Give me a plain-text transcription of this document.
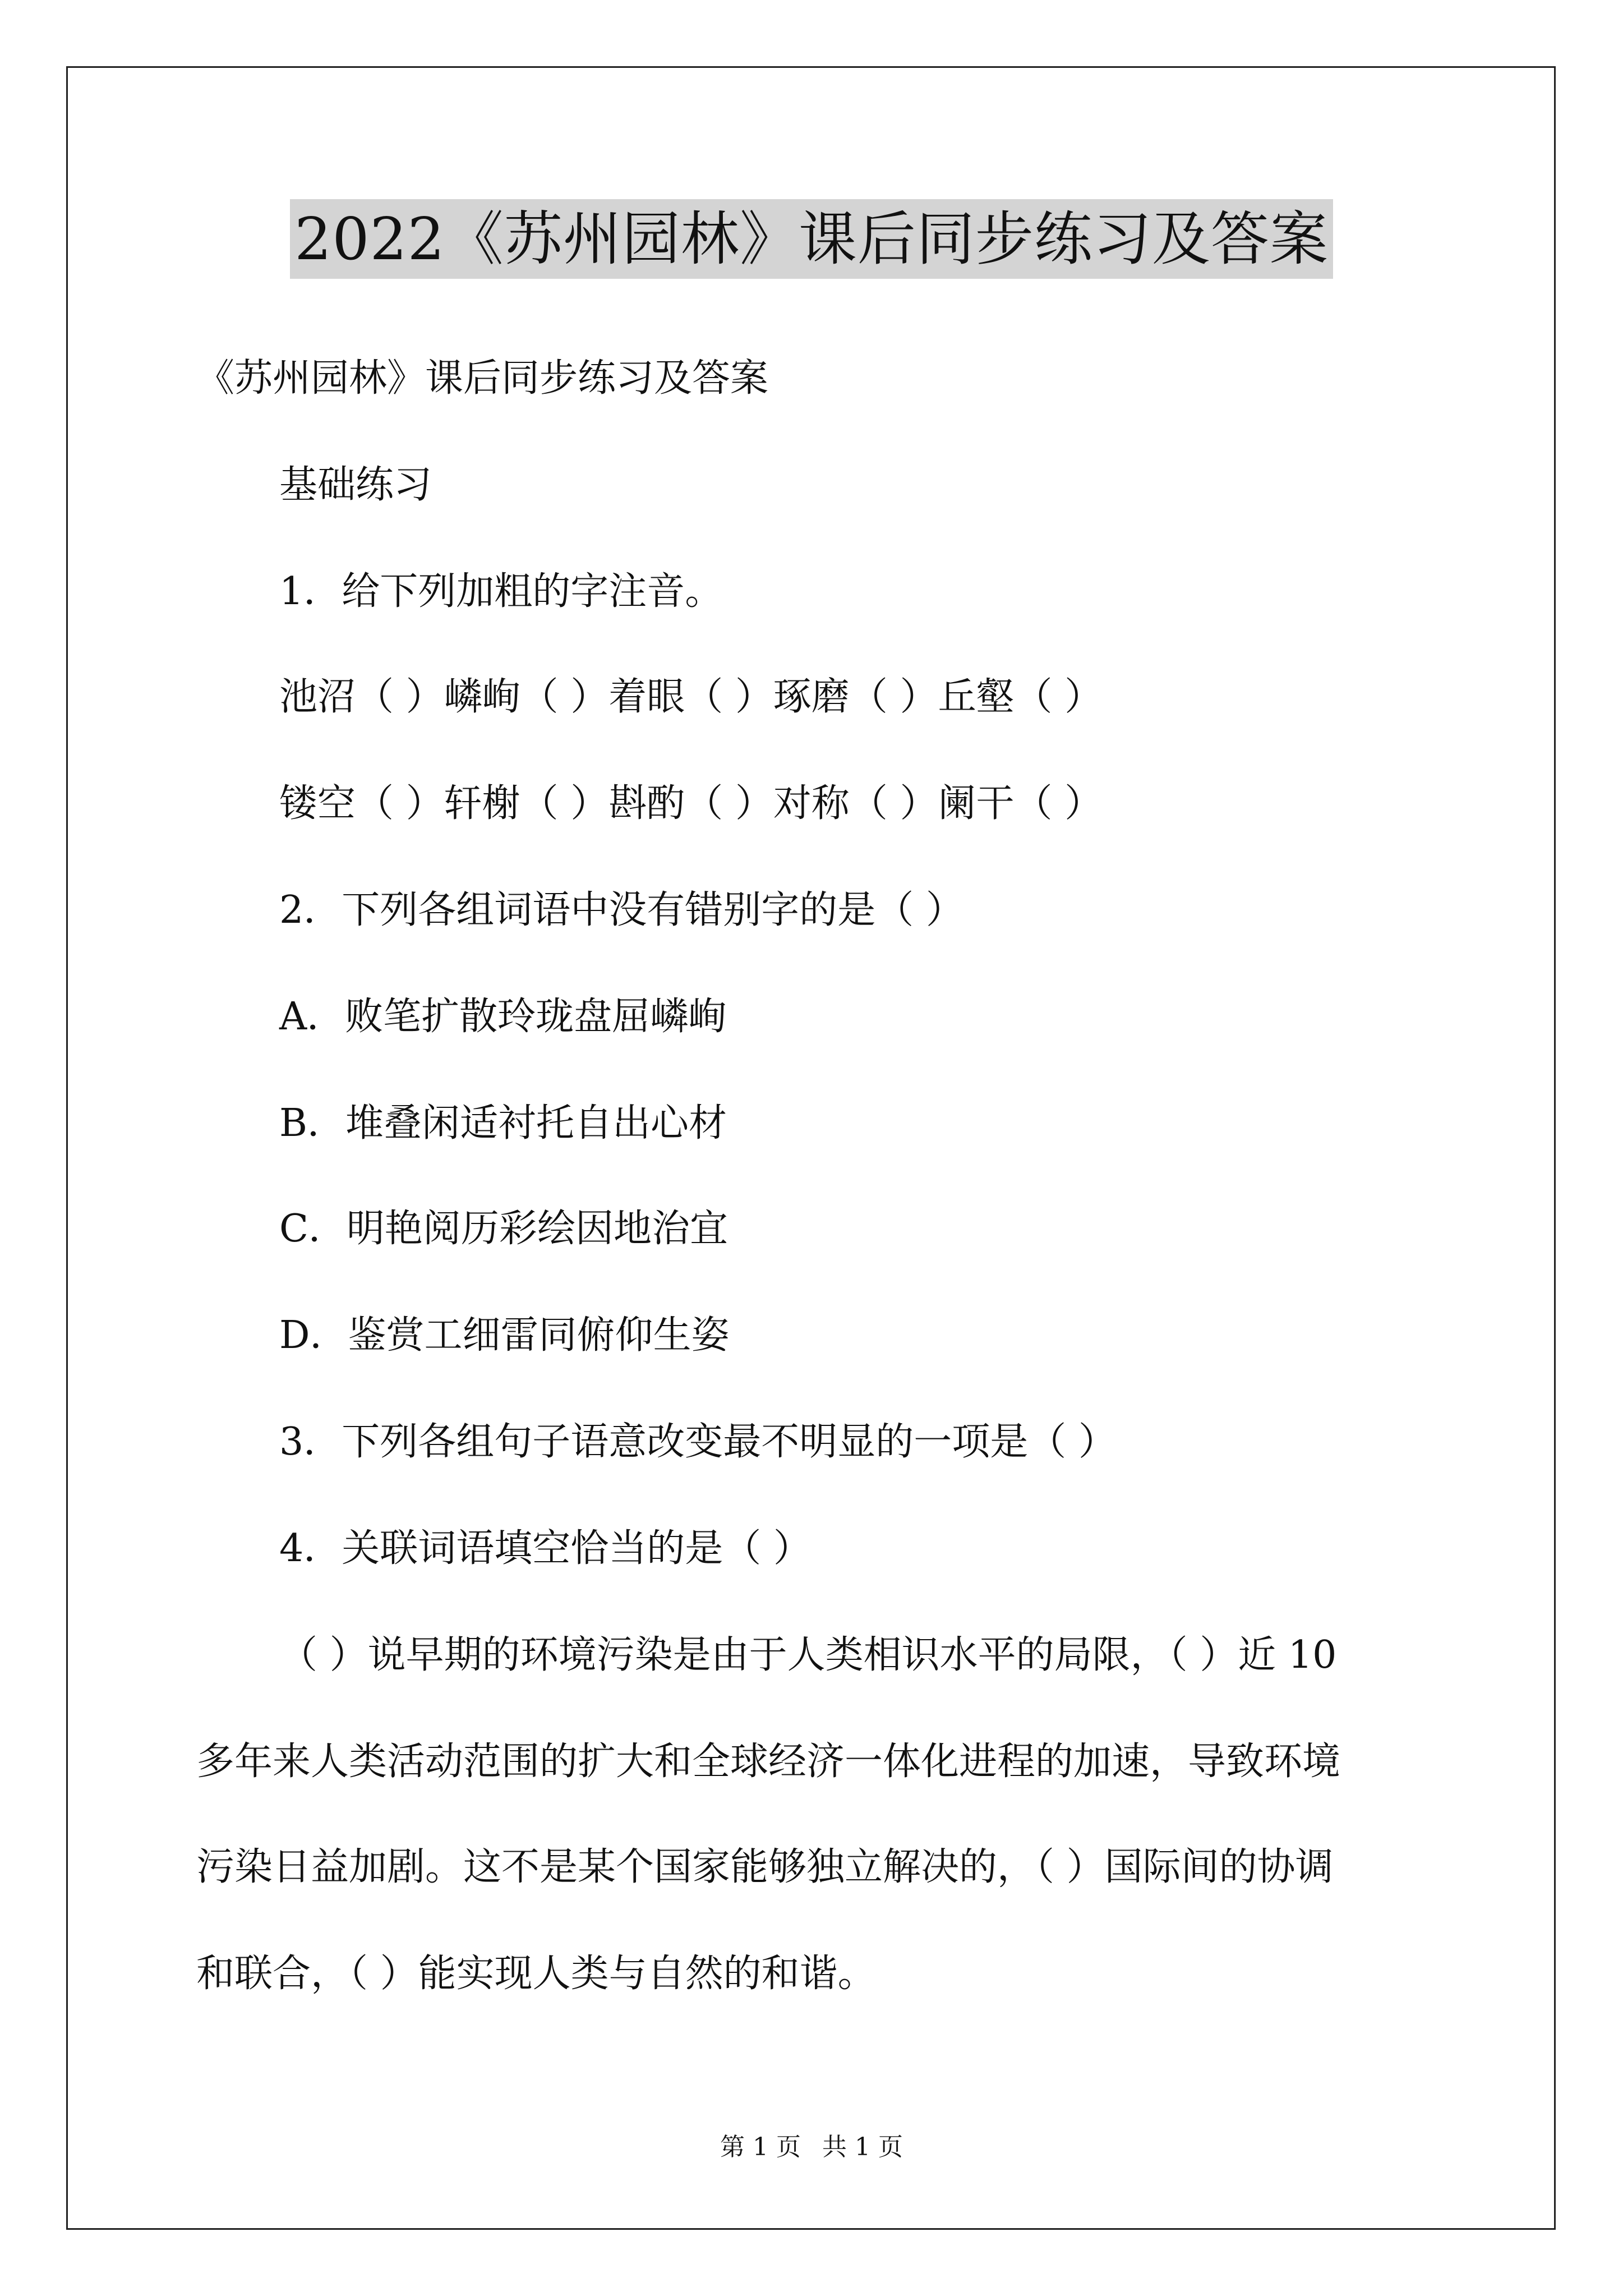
2022《苏州园林》课后同步练习及答案
《苏州园林》课后同步练习及答案
基础练习
1．给下列加粗的字注音。
池沼（ ）嶙峋（ ）着眼（ ）琢磨（ ）丘壑（ ）
镂空（ ）轩榭（ ）斟酌（ ）对称（ ）阑干（ ）
2．下列各组词语中没有错别字的是（ ）
A．败笔扩散玲珑盘屈嶙峋
B．堆叠闲适衬托自出心材
C．明艳阅历彩绘因地治宜
D．鉴赏工细雷同俯仰生姿
3．下列各组句子语意改变最不明显的一项是（ ）
4．关联词语填空恰当的是（ ）
（ ）说早期的环境污染是由于人类相识水平的局限，（ ）近 10
多年来人类活动范围的扩大和全球经济一体化进程的加速，导致环境
污染日益加剧。这不是某个国家能够独立解决的，（ ）国际间的协调
和联合，（ ）能实现人类与自然的和谐。
第 1 页 共 1 页
